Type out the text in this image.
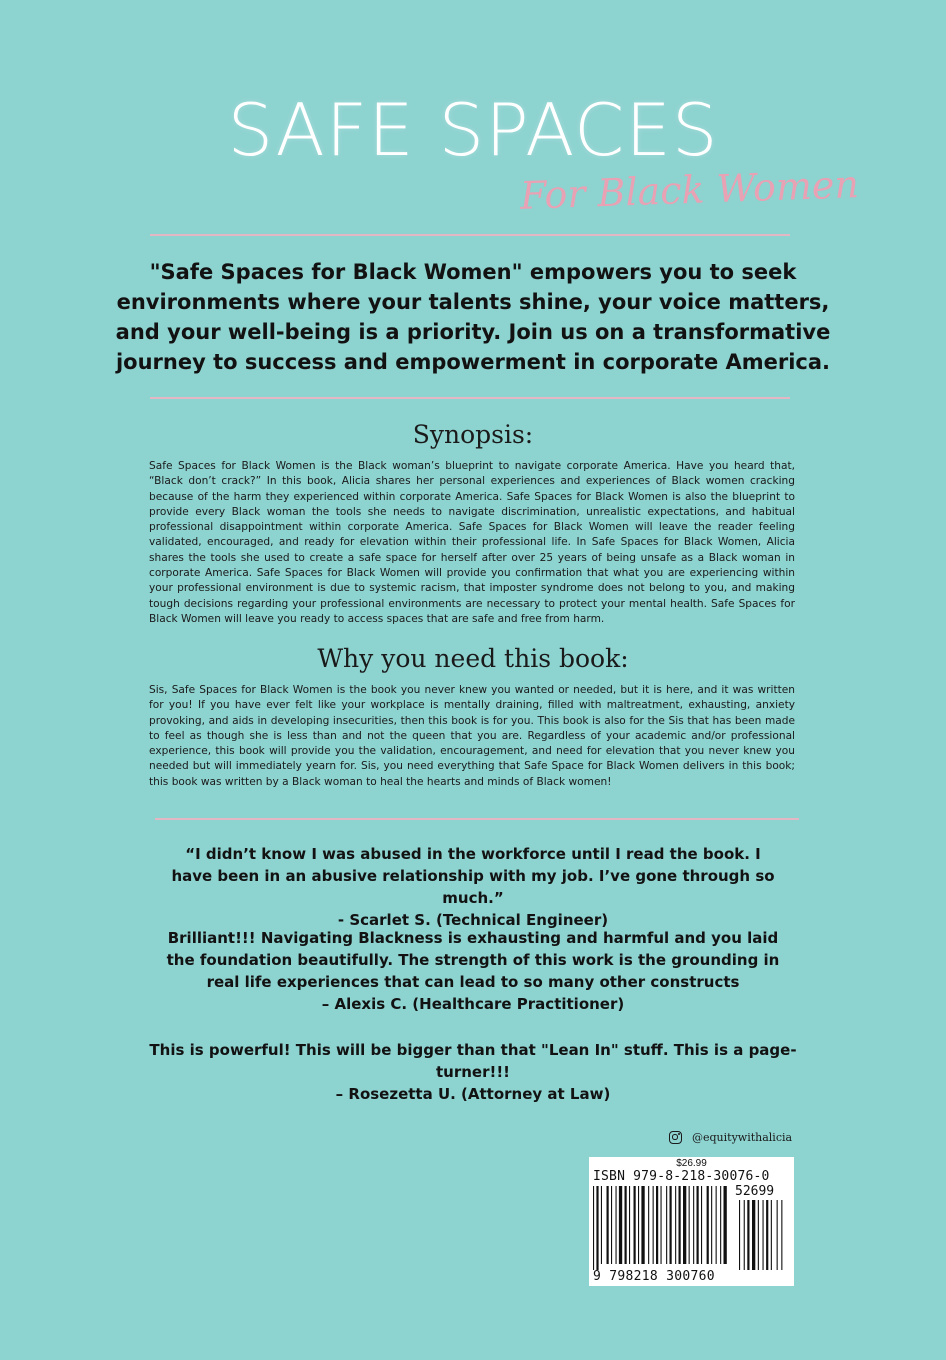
SAFE SPACES
For Black Women
"Safe Spaces for Black Women" empowers you to seek environments where your talents shine, your voice matters, and your well-being is a priority. Join us on a transformative journey to success and empowerment in corporate America.
Synopsis:
Safe Spaces for Black Women is the Black woman’s blueprint to navigate corporate America. Have you heard that, “Black don’t crack?” In this book, Alicia shares her personal experiences and experiences of Black women cracking because of the harm they experienced within corporate America. Safe Spaces for Black Women is also the blueprint to provide every Black woman the tools she needs to navigate discrimination, unrealistic expectations, and habitual professional disappointment within corporate America. Safe Spaces for Black Women will leave the reader feeling validated, encouraged, and ready for elevation within their professional life. In Safe Spaces for Black Women, Alicia shares the tools she used to create a safe space for herself after over 25 years of being unsafe as a Black woman in corporate America. Safe Spaces for Black Women will provide you confirmation that what you are experiencing within your professional environment is due to systemic racism, that imposter syndrome does not belong to you, and making tough decisions regarding your professional environments are necessary to protect your mental health. Safe Spaces for Black Women will leave you ready to access spaces that are safe and free from harm.
Why you need this book:
Sis, Safe Spaces for Black Women is the book you never knew you wanted or needed, but it is here, and it was written for you! If you have ever felt like your workplace is mentally draining, filled with maltreatment, exhausting, anxiety provoking, and aids in developing insecurities, then this book is for you. This book is also for the Sis that has been made to feel as though she is less than and not the queen that you are. Regardless of your academic and/or professional experience, this book will provide you the validation, encouragement, and need for elevation that you never knew you needed but will immediately yearn for. Sis, you need everything that Safe Space for Black Women delivers in this book; this book was written by a Black woman to heal the hearts and minds of Black women!
“I didn’t know I was abused in the workforce until I read the book. I have been in an abusive relationship with my job. I’ve gone through so much.”
- Scarlet S. (Technical Engineer)
Brilliant!!! Navigating Blackness is exhausting and harmful and you laid the foundation beautifully. The strength of this work is the grounding in real life experiences that can lead to so many other constructs
– Alexis C. (Healthcare Practitioner)
This is powerful! This will be bigger than that "Lean In" stuff. This is a page-turner!!!
– Rosezetta U. (Attorney at Law)
@equitywithalicia
$26.99
ISBN 979-8-218-30076-0
52699
9 798218 300760
